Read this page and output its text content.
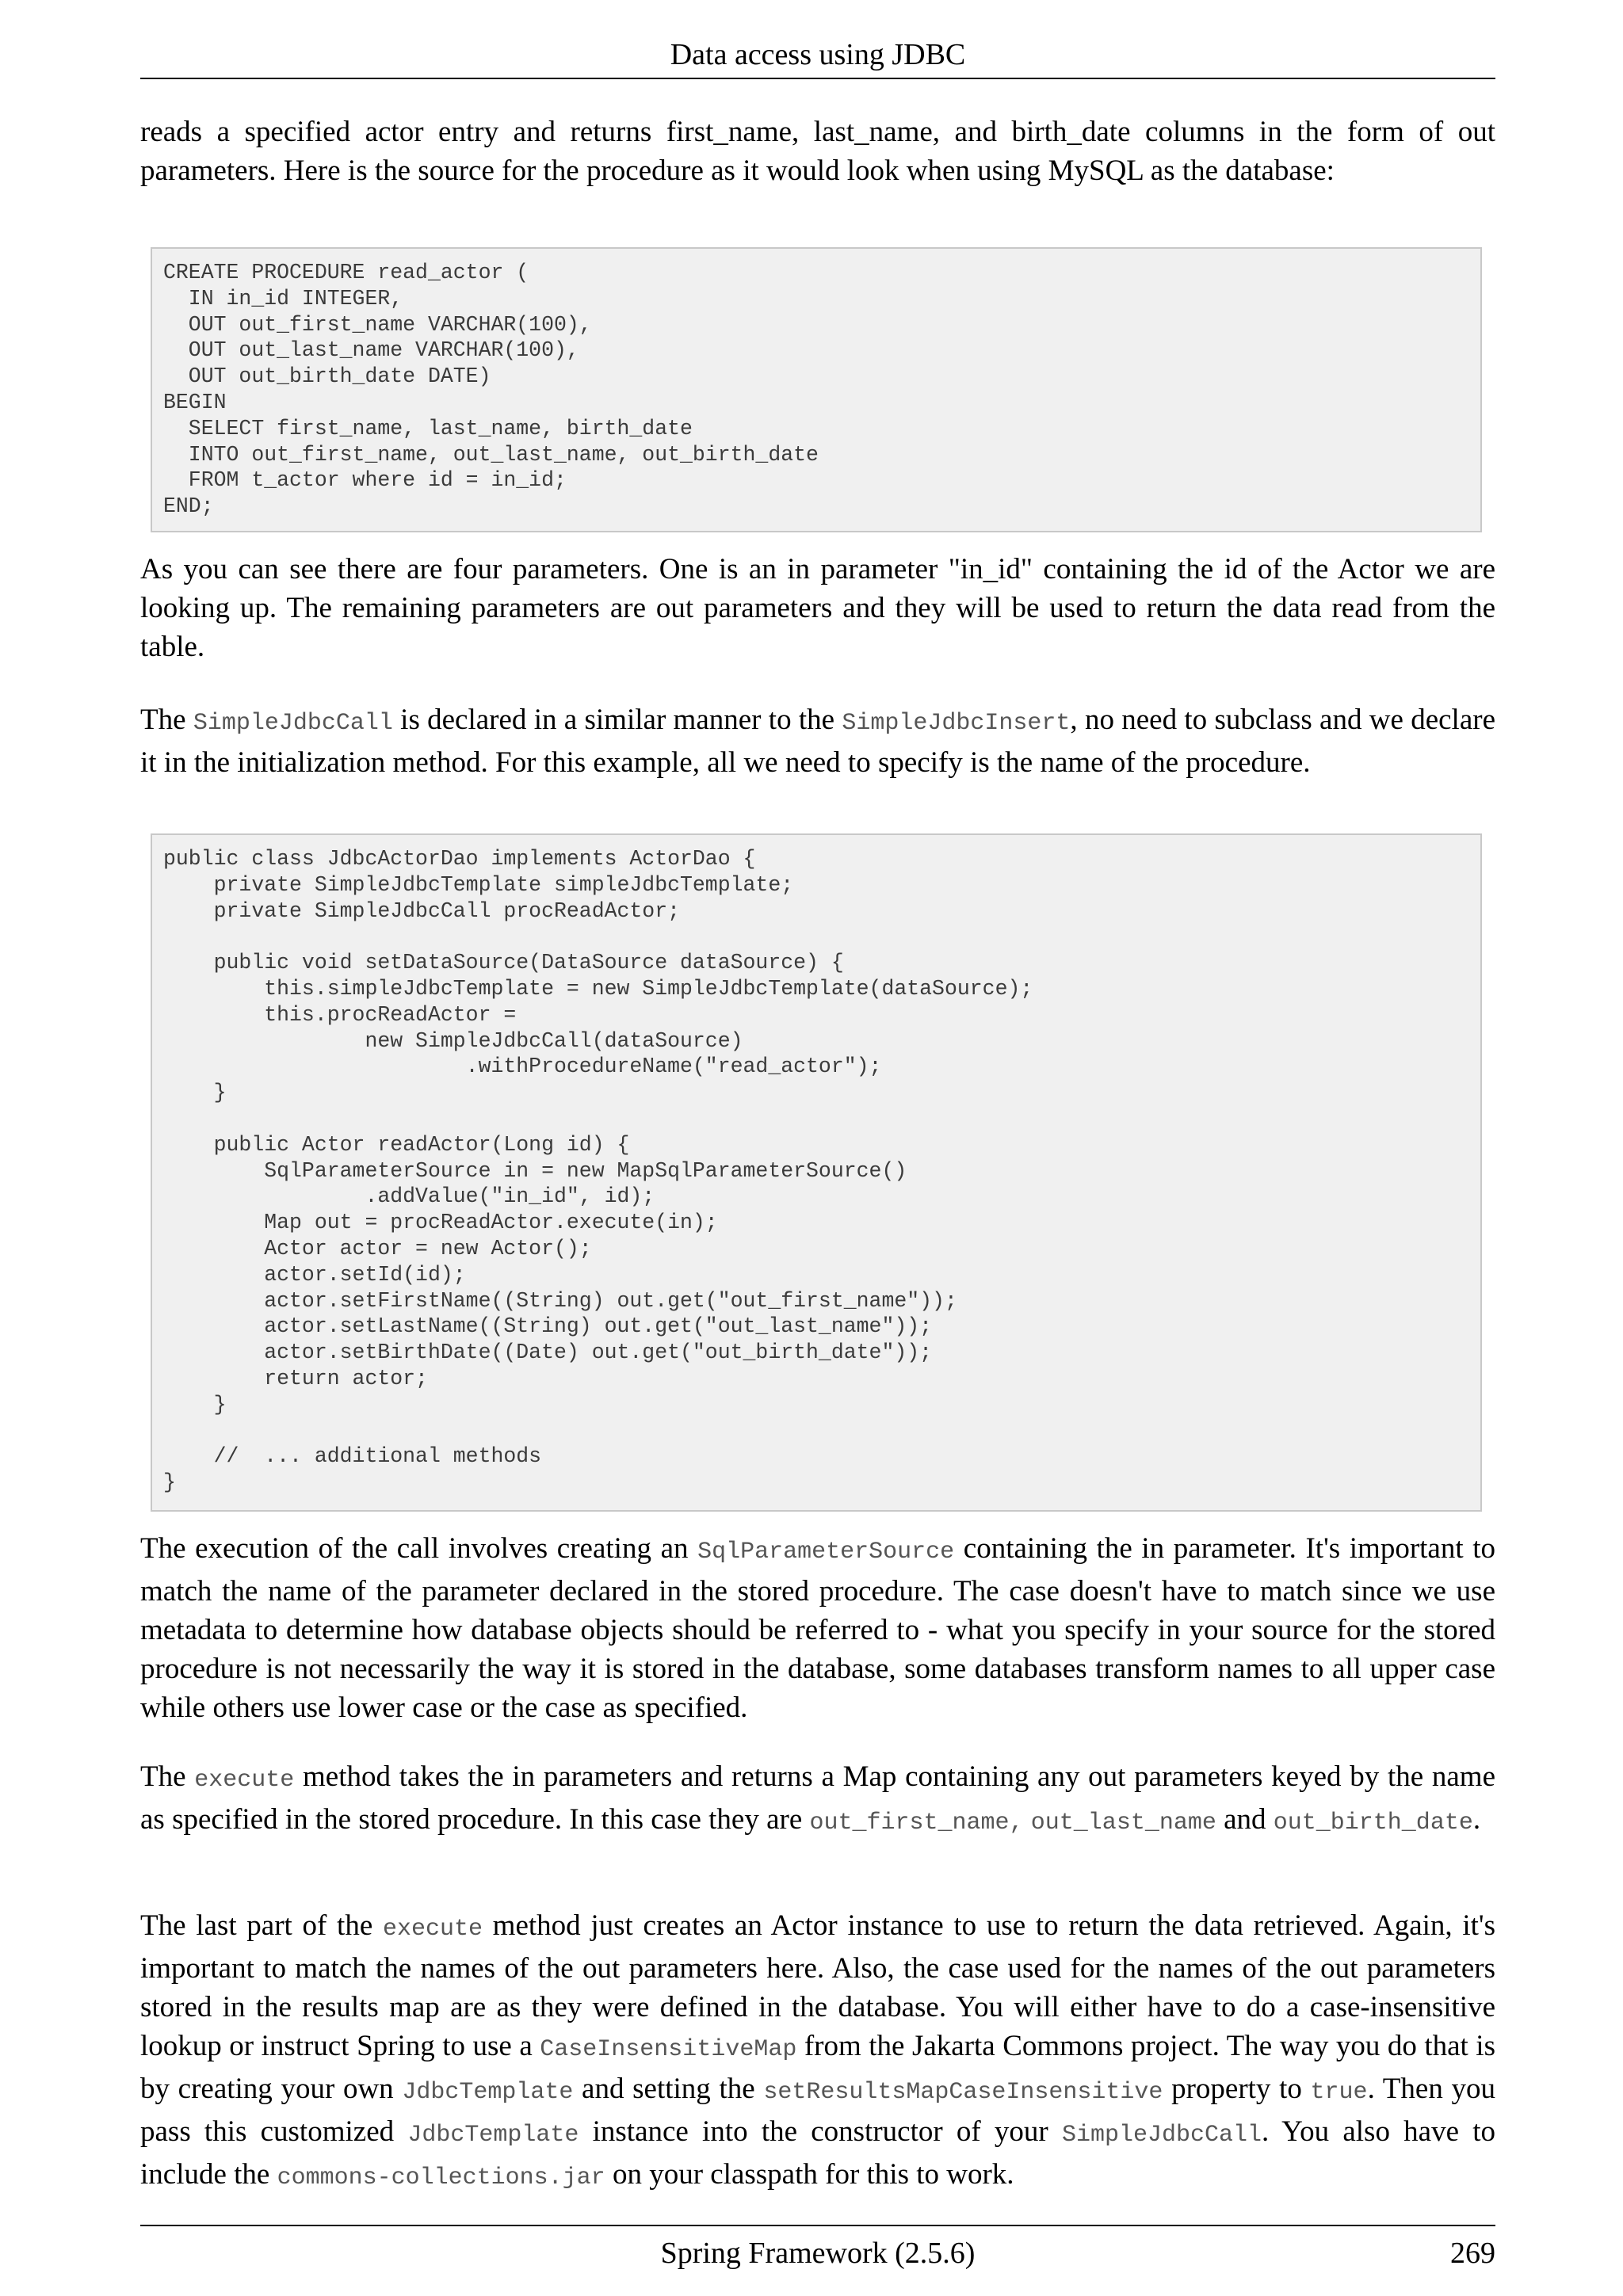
Data access using JDBC

reads a specified actor entry and returns first_name, last_name, and birth_date columns in the form of out parameters. Here is the source for the procedure as it would look when using MySQL as the database:

CREATE PROCEDURE read_actor (
IN in_id INTEGER,
OUT out_first_name VARCHAR(100),
OUT out_last_name VARCHAR(100),
OUT out_birth_date DATE)
BEGIN
SELECT first_name, last_name, birth_date
INTO out_first_name, out_last_name, out_birth_date
FROM t_actor where id = in_id;
END;

As you can see there are four parameters. One is an in parameter "in_id" containing the id of the Actor we are looking up. The remaining parameters are out parameters and they will be used to return the data read from the table.

The SimpleJdbcCall is declared in a similar manner to the SimpleJdbcInsert, no need to subclass and we declare it in the initialization method. For this example, all we need to specify is the name of the procedure.

public class JdbcActorDao implements ActorDao {
private SimpleJdbcTemplate simpleJdbcTemplate;
private SimpleJdbcCall procReadActor;

public void setDataSource(DataSource dataSource) {
this.simpleJdbcTemplate = new SimpleJdbcTemplate(dataSource);
this.procReadActor =
new SimpleJdbcCall(dataSource)
.withProcedureName("read_actor");
}

public Actor readActor(Long id) {
SqlParameterSource in = new MapSqlParameterSource()
.addValue("in_id", id);
Map out = procReadActor.execute(in);
Actor actor = new Actor();
actor.setId(id);
actor.setFirstName((String) out.get("out_first_name"));
actor.setLastName((String) out.get("out_last_name"));
actor.setBirthDate((Date) out.get("out_birth_date"));
return actor;
}

//  ... additional methods
}

The execution of the call involves creating an SqlParameterSource containing the in parameter. It's important to match the name of the parameter declared in the stored procedure. The case doesn't have to match since we use metadata to determine how database objects should be referred to - what you specify in your source for the stored procedure is not necessarily the way it is stored in the database, some databases transform names to all upper case while others use lower case or the case as specified.

The execute method takes the in parameters and returns a Map containing any out parameters keyed by the name as specified in the stored procedure. In this case they are out_first_name, out_last_name and out_birth_date.

The last part of the execute method just creates an Actor instance to use to return the data retrieved. Again, it's important to match the names of the out parameters here. Also, the case used for the names of the out parameters stored in the results map are as they were defined in the database. You will either have to do a case-insensitive lookup or instruct Spring to use a CaseInsensitiveMap from the Jakarta Commons project. The way you do that is by creating your own JdbcTemplate and setting the setResultsMapCaseInsensitive property to true. Then you pass this customized JdbcTemplate instance into the constructor of your SimpleJdbcCall. You also have to include the commons-collections.jar on your classpath for this to work.

Spring Framework (2.5.6)	269
